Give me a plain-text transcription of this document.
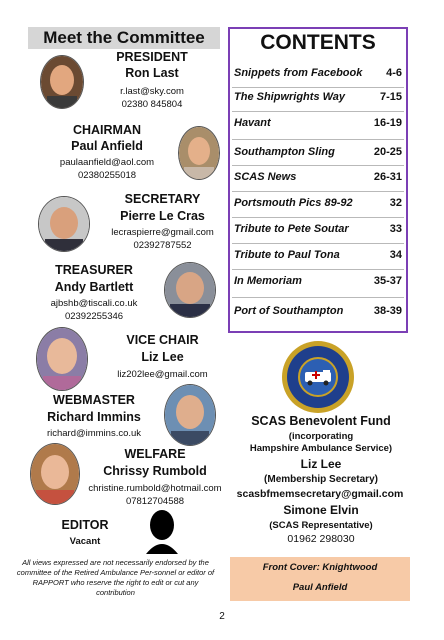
Meet the Committee
PRESIDENT
Ron Last
r.last@sky.com
02380 845804
CHAIRMAN
Paul Anfield
paulaanfield@aol.com
02380255018
SECRETARY
Pierre Le Cras
lecraspierre@gmail.com
02392787552
TREASURER
Andy Bartlett
ajbshb@tiscali.co.uk
02392255346
VICE CHAIR
Liz Lee
liz202lee@gmail.com
WEBMASTER
Richard Immins
richard@immins.co.uk
WELFARE
Chrissy Rumbold
christine.rumbold@hotmail.com
07812704588
EDITOR
Vacant
All views expressed are not necessarily endorsed by the committee of the Retired Ambulance Per-sonnel or editor of RAPPORT who reserve the right to edit or cut any contribution
CONTENTS
Snippets from Facebook 4-6
The Shipwrights Way	7-15
Havant	16-19
Southampton Sling	20-25
SCAS News	26-31
Portsmouth Pics 89-92	32
Tribute to Pete Soutar	33
Tribute to Paul Tona	34
In Memoriam	35-37
Port of Southampton	38-39
SCAS Benevolent Fund
(incorporating
Hampshire Ambulance Service)
Liz Lee
(Membership Secretary)
scasbfmemsecretary@gmail.com
Simone Elvin
(SCAS Representative)
01962 298030
Front Cover: Knightwood
Paul Anfield
2
